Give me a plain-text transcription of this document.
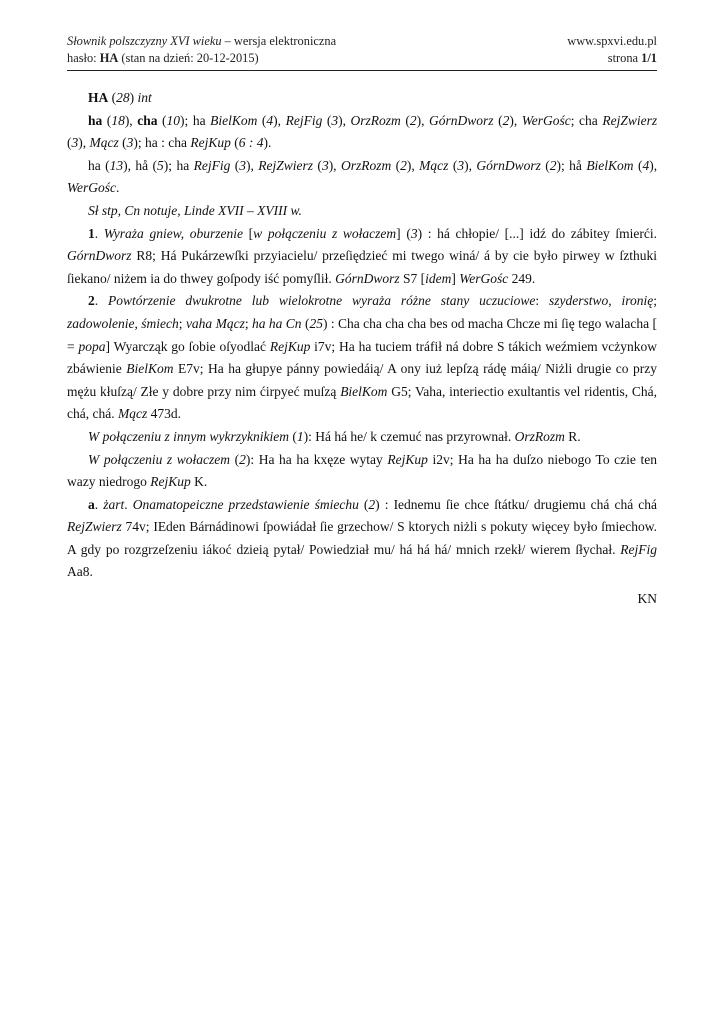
Słownik polszczyzny XVI wieku – wersja elektroniczna	www.spxvi.edu.pl
hasło: HA (stan na dzień: 20-12-2015)	strona 1/1

HA (28) int

ha (18), cha (10); ha BielKom (4), RejFig (3), OrzRozm (2), GórnDworz (2), WerGośc; cha RejZwierz (3), Mącz (3); ha : cha RejKup (6 : 4).

ha (13), hå (5); ha RejFig (3), RejZwierz (3), OrzRozm (2), Mącz (3), GórnDworz (2); hå BielKom (4), WerGośc.

Sł stp, Cn notuje, Linde XVII – XVIII w.

1. Wyraża gniew, oburzenie [w połączeniu z wołaczem] (3) : há chłopie/ [...] idź do zábitey ſmierći. GórnDworz R8; Há Pukárzewſki przyiacielu/ przeſiędzieć mi twego winá/ á by cie było pirwey w ſzthuki ſiekano/ niżem ia do thwey goſpody iść pomyſlił. GórnDworz S7 [idem] WerGośc 249.

2. Powtórzenie dwukrotne lub wielokrotne wyraża różne stany uczuciowe: szyderstwo, ironię; zadowolenie, śmiech; vaha Mącz; ha ha Cn (25) : Cha cha cha cha bes od macha Chcze mi ſię tego walacha [ = popa] Wyarcząk go ſobie oſyodlać RejKup i7v; Ha ha tuciem tráfił ná dobre S tákich weźmiem vcżynkow zbáwienie BielKom E7v; Ha ha głupye pánny powiedáią/ A ony iuż lepſzą rádę máią/ Niżli drugie co przy mężu kłuſzą/ Złe y dobre przy nim ćirpyeć muſzą BielKom G5; Vaha, interiectio exultantis vel ridentis, Chá, chá, chá. Mącz 473d.

W połączeniu z innym wykrzyknikiem (1): Há há he/ k czemuć nas przyrownał. OrzRozm R.

W połączeniu z wołaczem (2): Ha ha ha kxęze wytay RejKup i2v; Ha ha ha duſzo niebogo To czie ten wazy niedrogo RejKup K.

a. żart. Onamatopeiczne przedstawienie śmiechu (2) : Iednemu ſie chce ſtátku/ drugiemu chá chá chá RejZwierz 74v; IEden Bárnádinowi ſpowiádał ſie grzechow/ S ktorych niżli s pokuty więcey było ſmiechow. A gdy po rozgrzeſzeniu iákoć dzieią pytał/ Powiedział mu/ há há há/ mnich rzekł/ wierem ſłychał. RejFig Aa8.

KN
